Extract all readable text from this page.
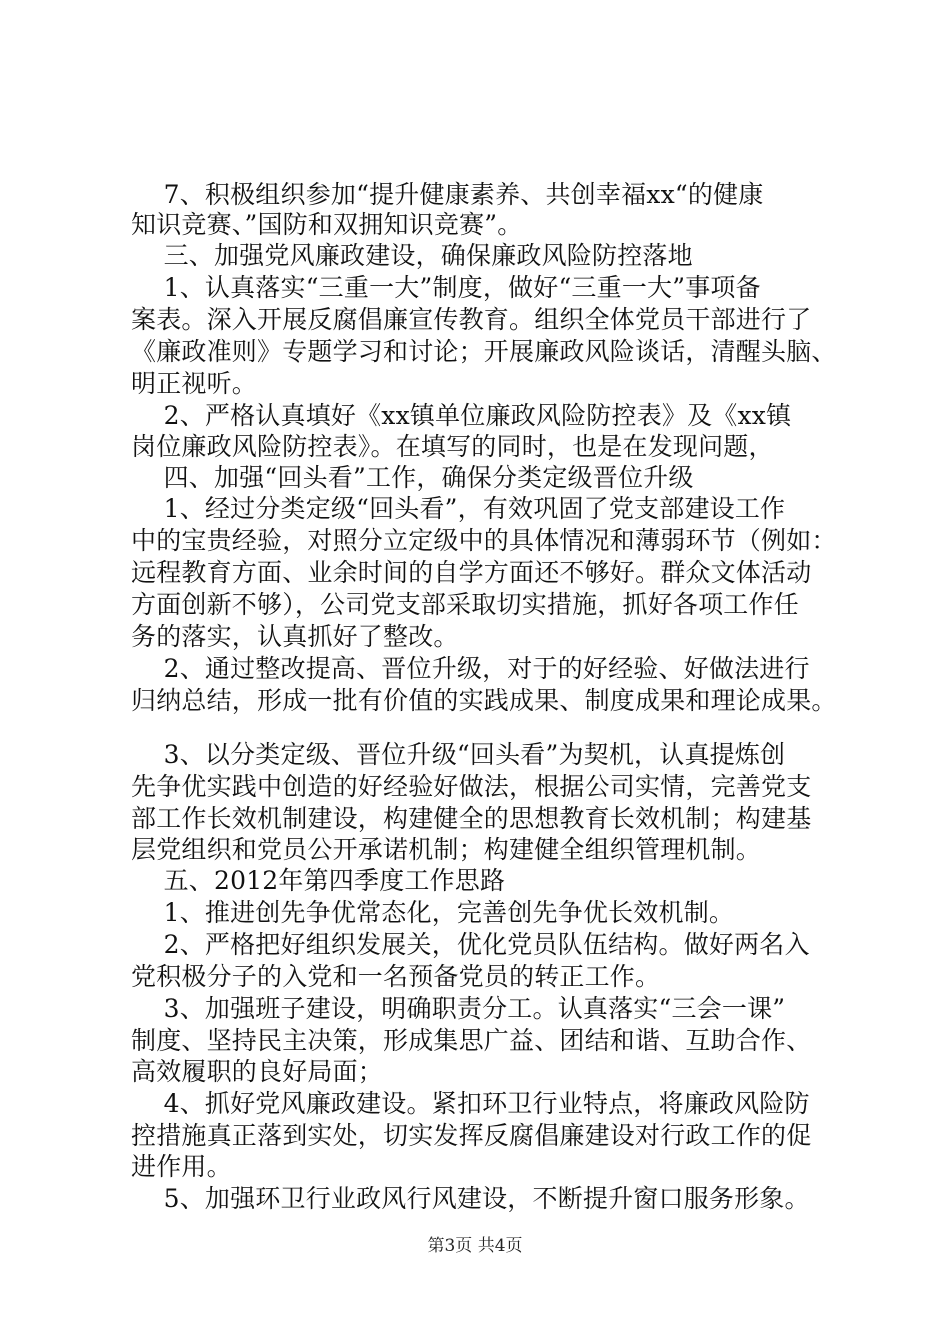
7、积极组织参加“提升健康素养、共创幸福xx“的健康
知识竞赛、”国防和双拥知识竞赛”。
三、加强党风廉政建设，确保廉政风险防控落地
1、认真落实“三重一大”制度，做好“三重一大”事项备
案表。深入开展反腐倡廉宣传教育。组织全体党员干部进行了
《廉政准则》专题学习和讨论；开展廉政风险谈话，清醒头脑、
明正视听。
2、严格认真填好《xx镇单位廉政风险防控表》及《xx镇
岗位廉政风险防控表》。在填写的同时，也是在发现问题，
四、加强“回头看”工作，确保分类定级晋位升级
1、经过分类定级“回头看”，有效巩固了党支部建设工作
中的宝贵经验，对照分立定级中的具体情况和薄弱环节（例如：
远程教育方面、业余时间的自学方面还不够好。群众文体活动
方面创新不够），公司党支部采取切实措施，抓好各项工作任
务的落实，认真抓好了整改。
2、通过整改提高、晋位升级，对于的好经验、好做法进行
归纳总结，形成一批有价值的实践成果、制度成果和理论成果。
3、以分类定级、晋位升级“回头看”为契机，认真提炼创
先争优实践中创造的好经验好做法，根据公司实情，完善党支
部工作长效机制建设，构建健全的思想教育长效机制；构建基
层党组织和党员公开承诺机制；构建健全组织管理机制。
五、2012年第四季度工作思路
1、推进创先争优常态化，完善创先争优长效机制。
2、严格把好组织发展关，优化党员队伍结构。做好两名入
党积极分子的入党和一名预备党员的转正工作。
3、加强班子建设，明确职责分工。认真落实“三会一课”
制度、坚持民主决策，形成集思广益、团结和谐、互助合作、
高效履职的良好局面；
4、抓好党风廉政建设。紧扣环卫行业特点，将廉政风险防
控措施真正落到实处，切实发挥反腐倡廉建设对行政工作的促
进作用。
5、加强环卫行业政风行风建设，不断提升窗口服务形象。
第3页 共4页
